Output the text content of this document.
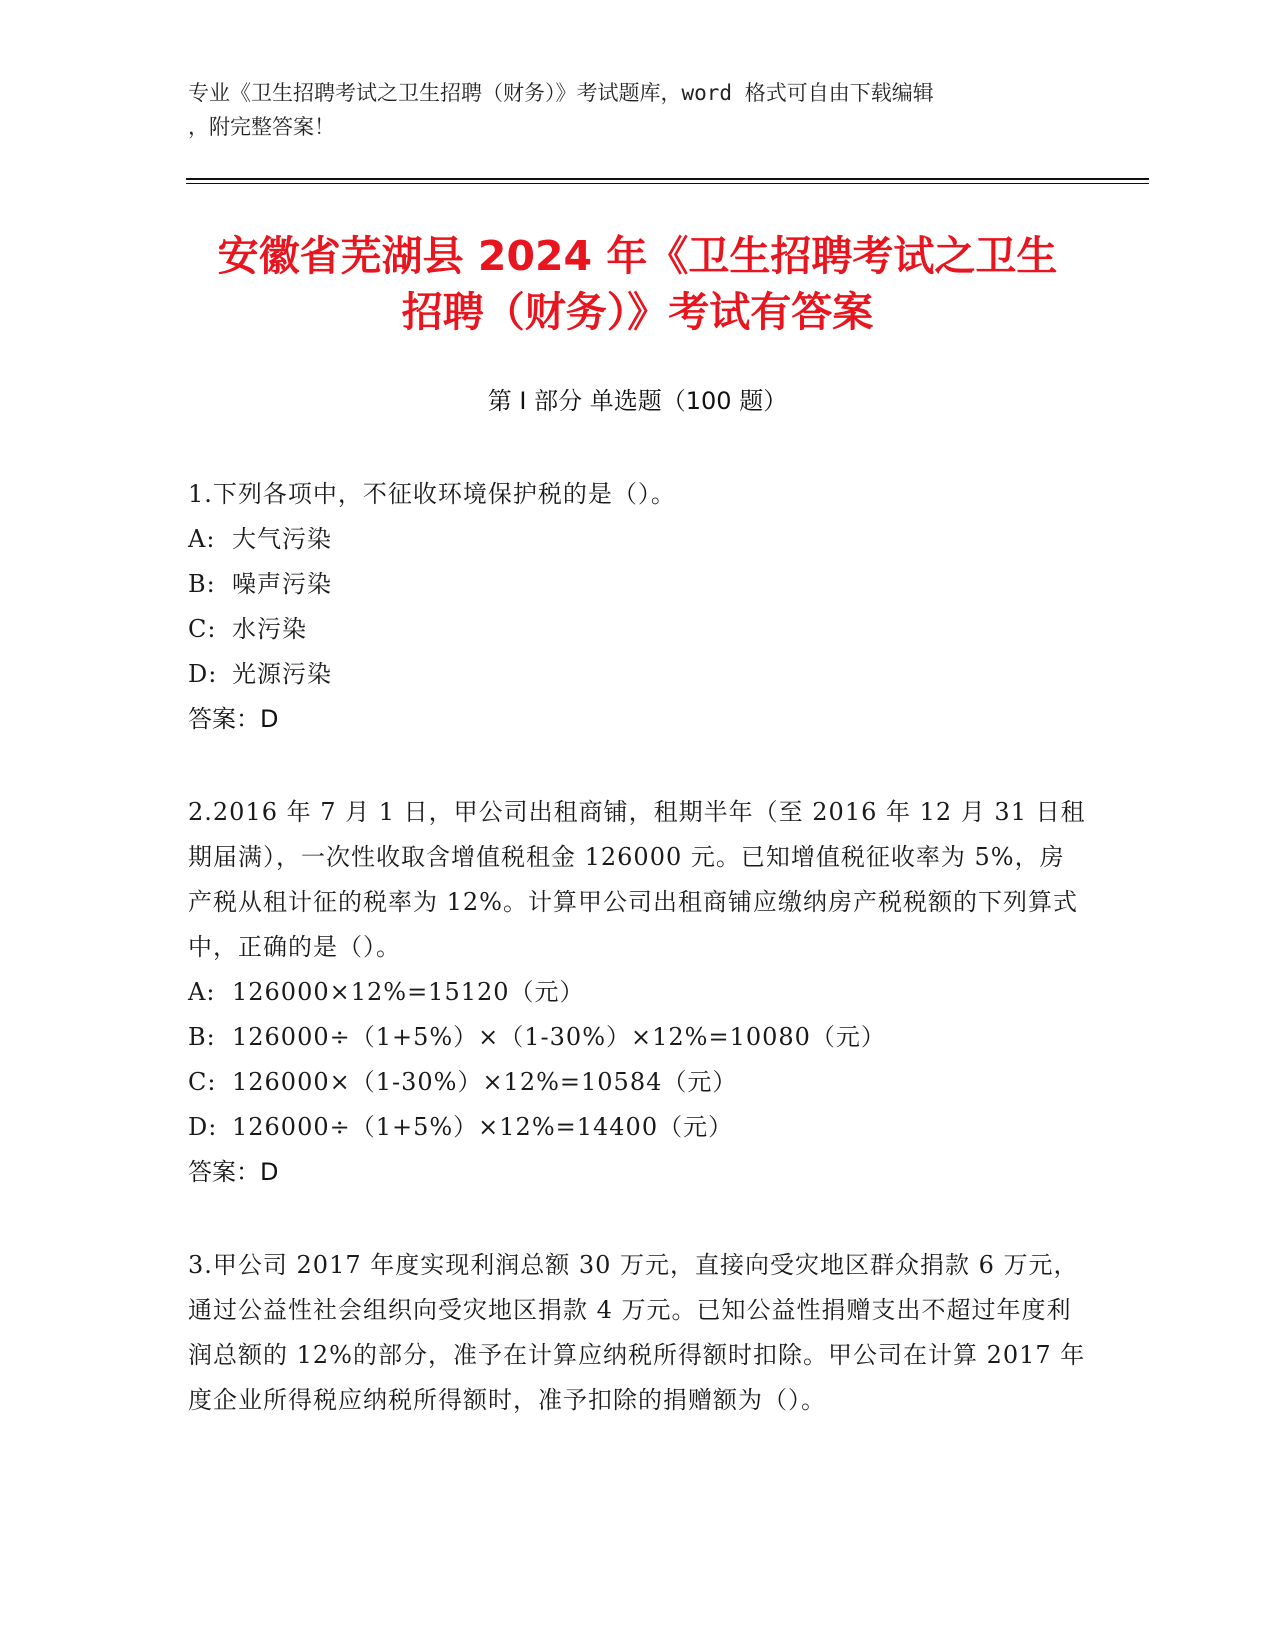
专业《卫生招聘考试之卫生招聘（财务）》考试题库，word 格式可自由下载编辑
，附完整答案！
安徽省芜湖县 2024 年《卫生招聘考试之卫生
招聘（财务）》考试有答案
第 I 部分 单选题（100 题）

1.下列各项中，不征收环境保护税的是（）。

A: 大气污染

B: 噪声污染

C: 水污染

D: 光源污染

答案：D

2.2016 年 7 月 1 日，甲公司出租商铺，租期半年（至 2016 年 12 月 31 日租期届满），一次性收取含增值税租金 126000 元。已知增值税征收率为 5%，房产税从租计征的税率为 12%。计算甲公司出租商铺应缴纳房产税税额的下列算式中，正确的是（）。

A: 126000×12%=15120（元）

B: 126000÷（1+5%）×（1-30%）×12%=10080（元）

C: 126000×（1-30%）×12%=10584（元）

D: 126000÷（1+5%）×12%=14400（元）

答案：D

3.甲公司 2017 年度实现利润总额 30 万元，直接向受灾地区群众捐款 6 万元，通过公益性社会组织向受灾地区捐款 4 万元。已知公益性捐赠支出不超过年度利润总额的 12%的部分，准予在计算应纳税所得额时扣除。甲公司在计算 2017 年度企业所得税应纳税所得额时，准予扣除的捐赠额为（）。
